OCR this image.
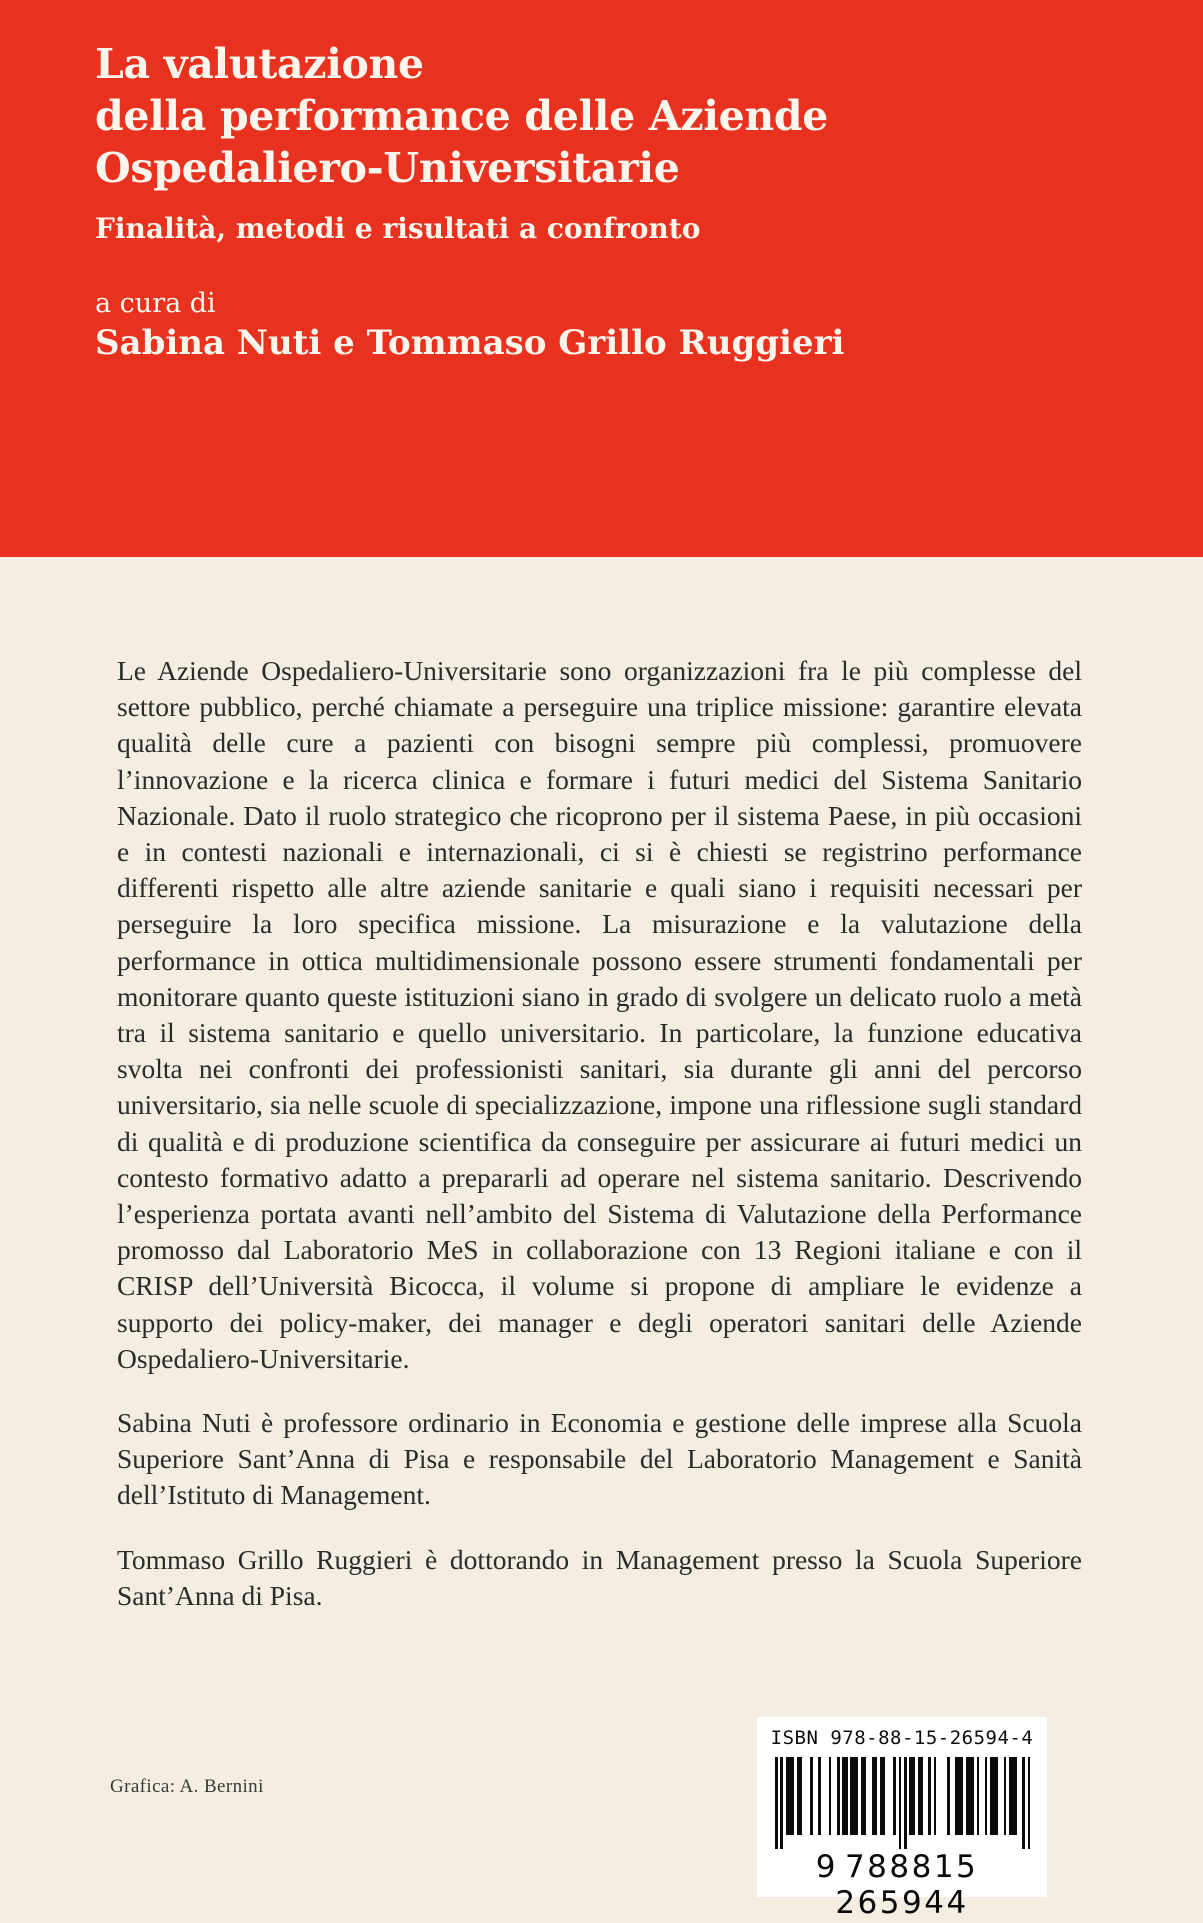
La valutazione
della performance delle Aziende
Ospedaliero-Universitarie
Finalità, metodi e risultati a confronto
a cura di
Sabina Nuti e Tommaso Grillo Ruggieri

Le Aziende Ospedaliero-Universitarie sono organizzazioni fra le più complesse del settore pubblico, perché chiamate a perseguire una triplice missione: garantire elevata qualità delle cure a pazienti con bisogni sempre più complessi, promuovere l’innovazione e la ricerca clinica e formare i futuri medici del Sistema Sanitario Nazionale. Dato il ruolo strategico che ricoprono per il sistema Paese, in più occasioni e in contesti nazionali e internazionali, ci si è chiesti se registrino performance differenti rispetto alle altre aziende sanitarie e quali siano i requisiti necessari per perseguire la loro specifica missione. La misurazione e la valutazione della performance in ottica multidimensionale possono essere strumenti fondamentali per monitorare quanto queste istituzioni siano in grado di svolgere un delicato ruolo a metà tra il sistema sanitario e quello universitario. In particolare, la funzione educativa svolta nei confronti dei professionisti sanitari, sia durante gli anni del percorso universitario, sia nelle scuole di specializzazione, impone una riflessione sugli standard di qualità e di produzione scientifica da conseguire per assicurare ai futuri medici un contesto formativo adatto a prepararli ad operare nel sistema sanitario. Descrivendo l’esperienza portata avanti nell’ambito del Sistema di Valutazione della Performance promosso dal Laboratorio MeS in collaborazione con 13 Regioni italiane e con il CRISP dell’Università Bicocca, il volume si propone di ampliare le evidenze a supporto dei policy-maker, dei manager e degli operatori sanitari delle Aziende Ospedaliero-Universitarie.

Sabina Nuti è professore ordinario in Economia e gestione delle imprese alla Scuola Superiore Sant’Anna di Pisa e responsabile del Laboratorio Management e Sanità dell’Istituto di Management.

Tommaso Grillo Ruggieri è dottorando in Management presso la Scuola Superiore Sant’Anna di Pisa.

Grafica: A. Bernini
ISBN 978-88-15-26594-4
9 788815265944
